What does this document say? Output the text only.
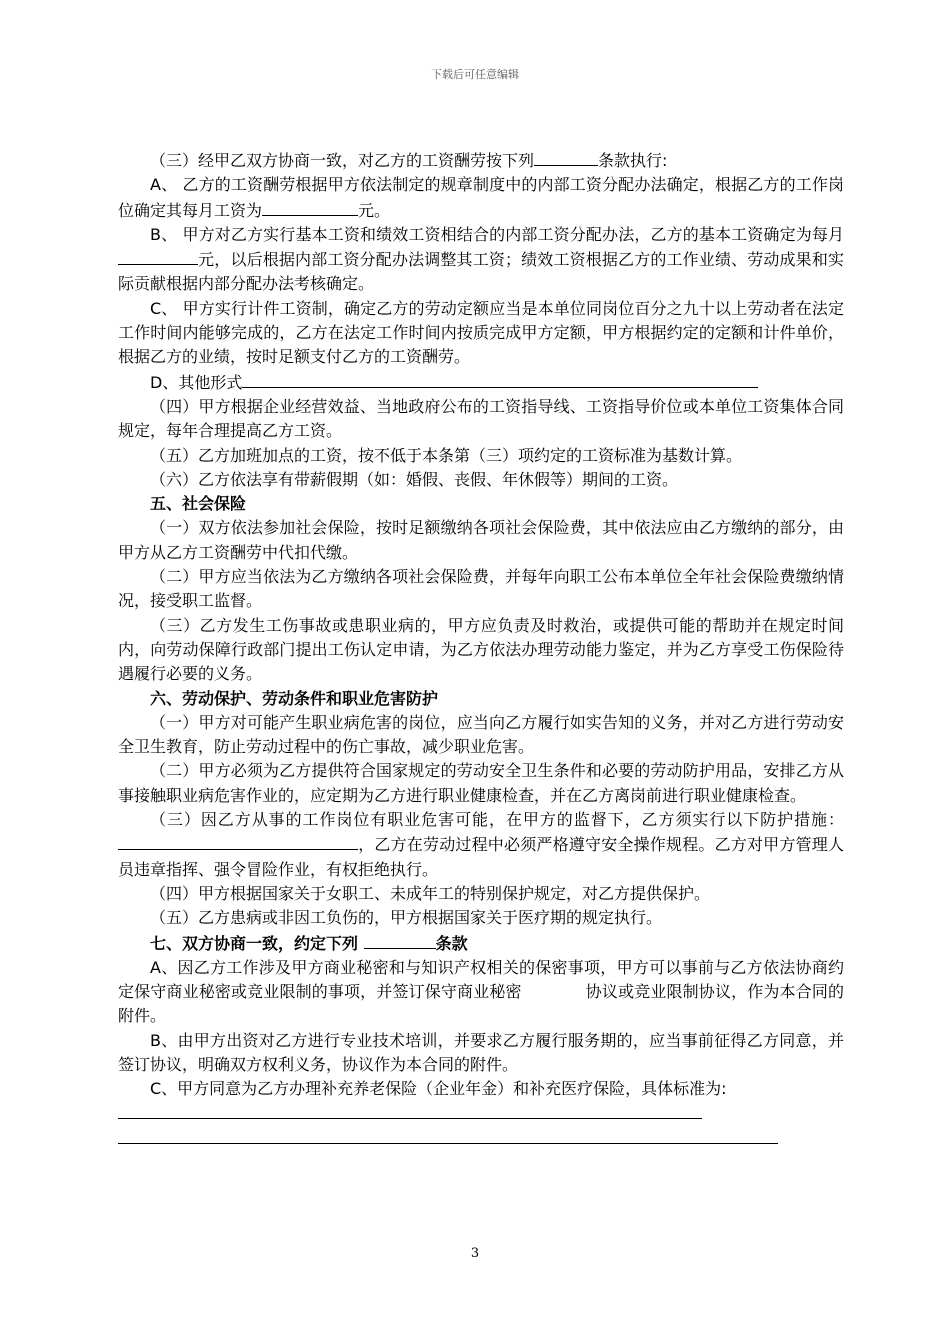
下载后可任意编辑

（三）经甲乙双方协商一致，对乙方的工资酬劳按下列	条款执行:

A、 乙方的工资酬劳根据甲方依法制定的规章制度中的内部工资分配办法确定，根据乙方的工作岗位确定其每月工资为	元。

B、 甲方对乙方实行基本工资和绩效工资相结合的内部工资分配办法，乙方的基本工资确定为每月元，以后根据内部工资分配办法调整其工资；绩效工资根据乙方的工作业绩、劳动成果和实际贡献根据内部分配办法考核确定。

C、 甲方实行计件工资制，确定乙方的劳动定额应当是本单位同岗位百分之九十以上劳动者在法定工作时间内能够完成的，乙方在法定工作时间内按质完成甲方定额，甲方根据约定的定额和计件单价，根据乙方的业绩，按时足额支付乙方的工资酬劳。

D、其他形式

（四）甲方根据企业经营效益、当地政府公布的工资指导线、工资指导价位或本单位工资集体合同规定，每年合理提高乙方工资。

（五）乙方加班加点的工资，按不低于本条第（三）项约定的工资标准为基数计算。

（六）乙方依法享有带薪假期（如：婚假、丧假、年休假等）期间的工资。

五、社会保险

（一）双方依法参加社会保险，按时足额缴纳各项社会保险费，其中依法应由乙方缴纳的部分，由甲方从乙方工资酬劳中代扣代缴。

（二）甲方应当依法为乙方缴纳各项社会保险费，并每年向职工公布本单位全年社会保险费缴纳情况，接受职工监督。

（三）乙方发生工伤事故或患职业病的，甲方应负责及时救治，或提供可能的帮助并在规定时间内，向劳动保障行政部门提出工伤认定申请，为乙方依法办理劳动能力鉴定，并为乙方享受工伤保险待遇履行必要的义务。

六、劳动保护、劳动条件和职业危害防护

（一）甲方对可能产生职业病危害的岗位，应当向乙方履行如实告知的义务，并对乙方进行劳动安全卫生教育，防止劳动过程中的伤亡事故，减少职业危害。

（二）甲方必须为乙方提供符合国家规定的劳动安全卫生条件和必要的劳动防护用品，安排乙方从事接触职业病危害作业的，应定期为乙方进行职业健康检查，并在乙方离岗前进行职业健康检查。

（三）因乙方从事的工作岗位有职业危害可能，在甲方的监督下，乙方须实行以下防护措施：，乙方在劳动过程中必须严格遵守安全操作规程。乙方对甲方管理人员违章指挥、强令冒险作业，有权拒绝执行。

（四）甲方根据国家关于女职工、未成年工的特别保护规定，对乙方提供保护。

（五）乙方患病或非因工负伤的，甲方根据国家关于医疗期的规定执行。

七、双方协商一致，约定下列	条款

A、因乙方工作涉及甲方商业秘密和与知识产权相关的保密事项，甲方可以事前与乙方依法协商约定保守商业秘密或竞业限制的事项，并签订保守商业秘密	协议或竞业限制协议，作为本合同的附件。

B、由甲方出资对乙方进行专业技术培训，并要求乙方履行服务期的，应当事前征得乙方同意，并签订协议，明确双方权利义务，协议作为本合同的附件。

C、甲方同意为乙方办理补充养老保险（企业年金）和补充医疗保险，具体标准为:

3
